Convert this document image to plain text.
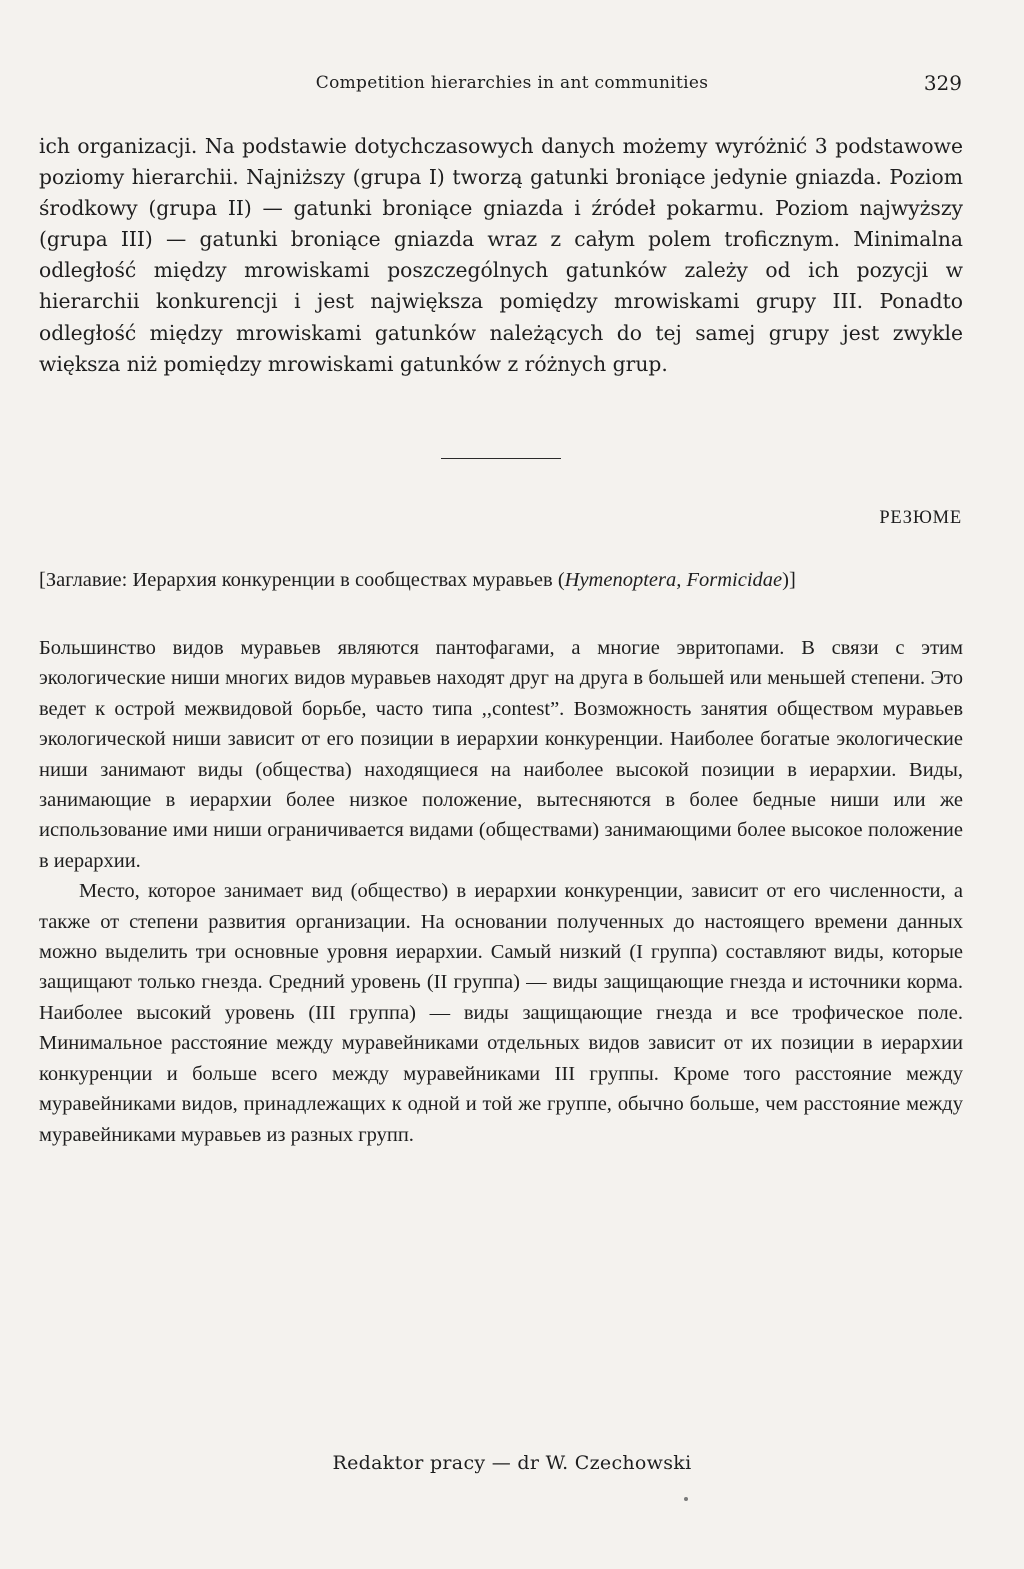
Competition hierarchies in ant communities	329

ich organizacji. Na podstawie dotychczasowych danych możemy wyróżnić 3 podstawowe poziomy hierarchii. Najniższy (grupa I) tworzą gatunki broniące jedynie gniazda. Poziom środkowy (grupa II) — gatunki broniące gniazda i źródeł pokarmu. Poziom najwyższy (grupa III) — gatunki broniące gniazda wraz z całym polem troficznym. Minimalna odległość między mrowiskami poszczególnych gatunków zależy od ich pozycji w hierarchii konkurencji i jest największa pomiędzy mrowiskami grupy III. Ponadto odległość między mrowiskami gatunków należących do tej samej grupy jest zwykle większa niż pomiędzy mrowiskami gatunków z różnych grup.

РЕЗЮМЕ

[Заглавие: Иерархия конкуренции в сообществах муравьев (Hymenoptera, Formicidae)]

Большинство видов муравьев являются пантофагами, а многие эвритопами. В связи с этим экологические ниши многих видов муравьев находят друг на друга в большей или меньшей степени. Это ведет к острой межвидовой борьбе, часто типа ,,contest”. Возможность занятия обществом муравьев экологической ниши зависит от его позиции в иерархии конкуренции. Наиболее богатые экологические ниши занимают виды (общества) находящиеся на наиболее высокой позиции в иерархии. Виды, занимающие в иерархии более низкое положение, вытесняются в более бедные ниши или же использование ими ниши ограничивается видами (обществами) занимающими более высокое положение в иерархии.

Место, которое занимает вид (общество) в иерархии конкуренции, зависит от его численности, а также от степени развития организации. На основании полученных до настоящего времени данных можно выделить три основные уровня иерархии. Самый низкий (I группа) составляют виды, которые защищают только гнезда. Средний уровень (II группа) — виды защищающие гнезда и источники корма. Наиболее высокий уровень (III группа) — виды защищающие гнезда и все трофическое поле. Минимальное расстояние между муравейниками отдельных видов зависит от их позиции в иерархии конкуренции и больше всего между муравейниками III группы. Кроме того расстояние между муравейниками видов, принадлежащих к одной и той же группе, обычно больше, чем расстояние между муравейниками муравьев из разных групп.

Redaktor pracy — dr W. Czechowski
